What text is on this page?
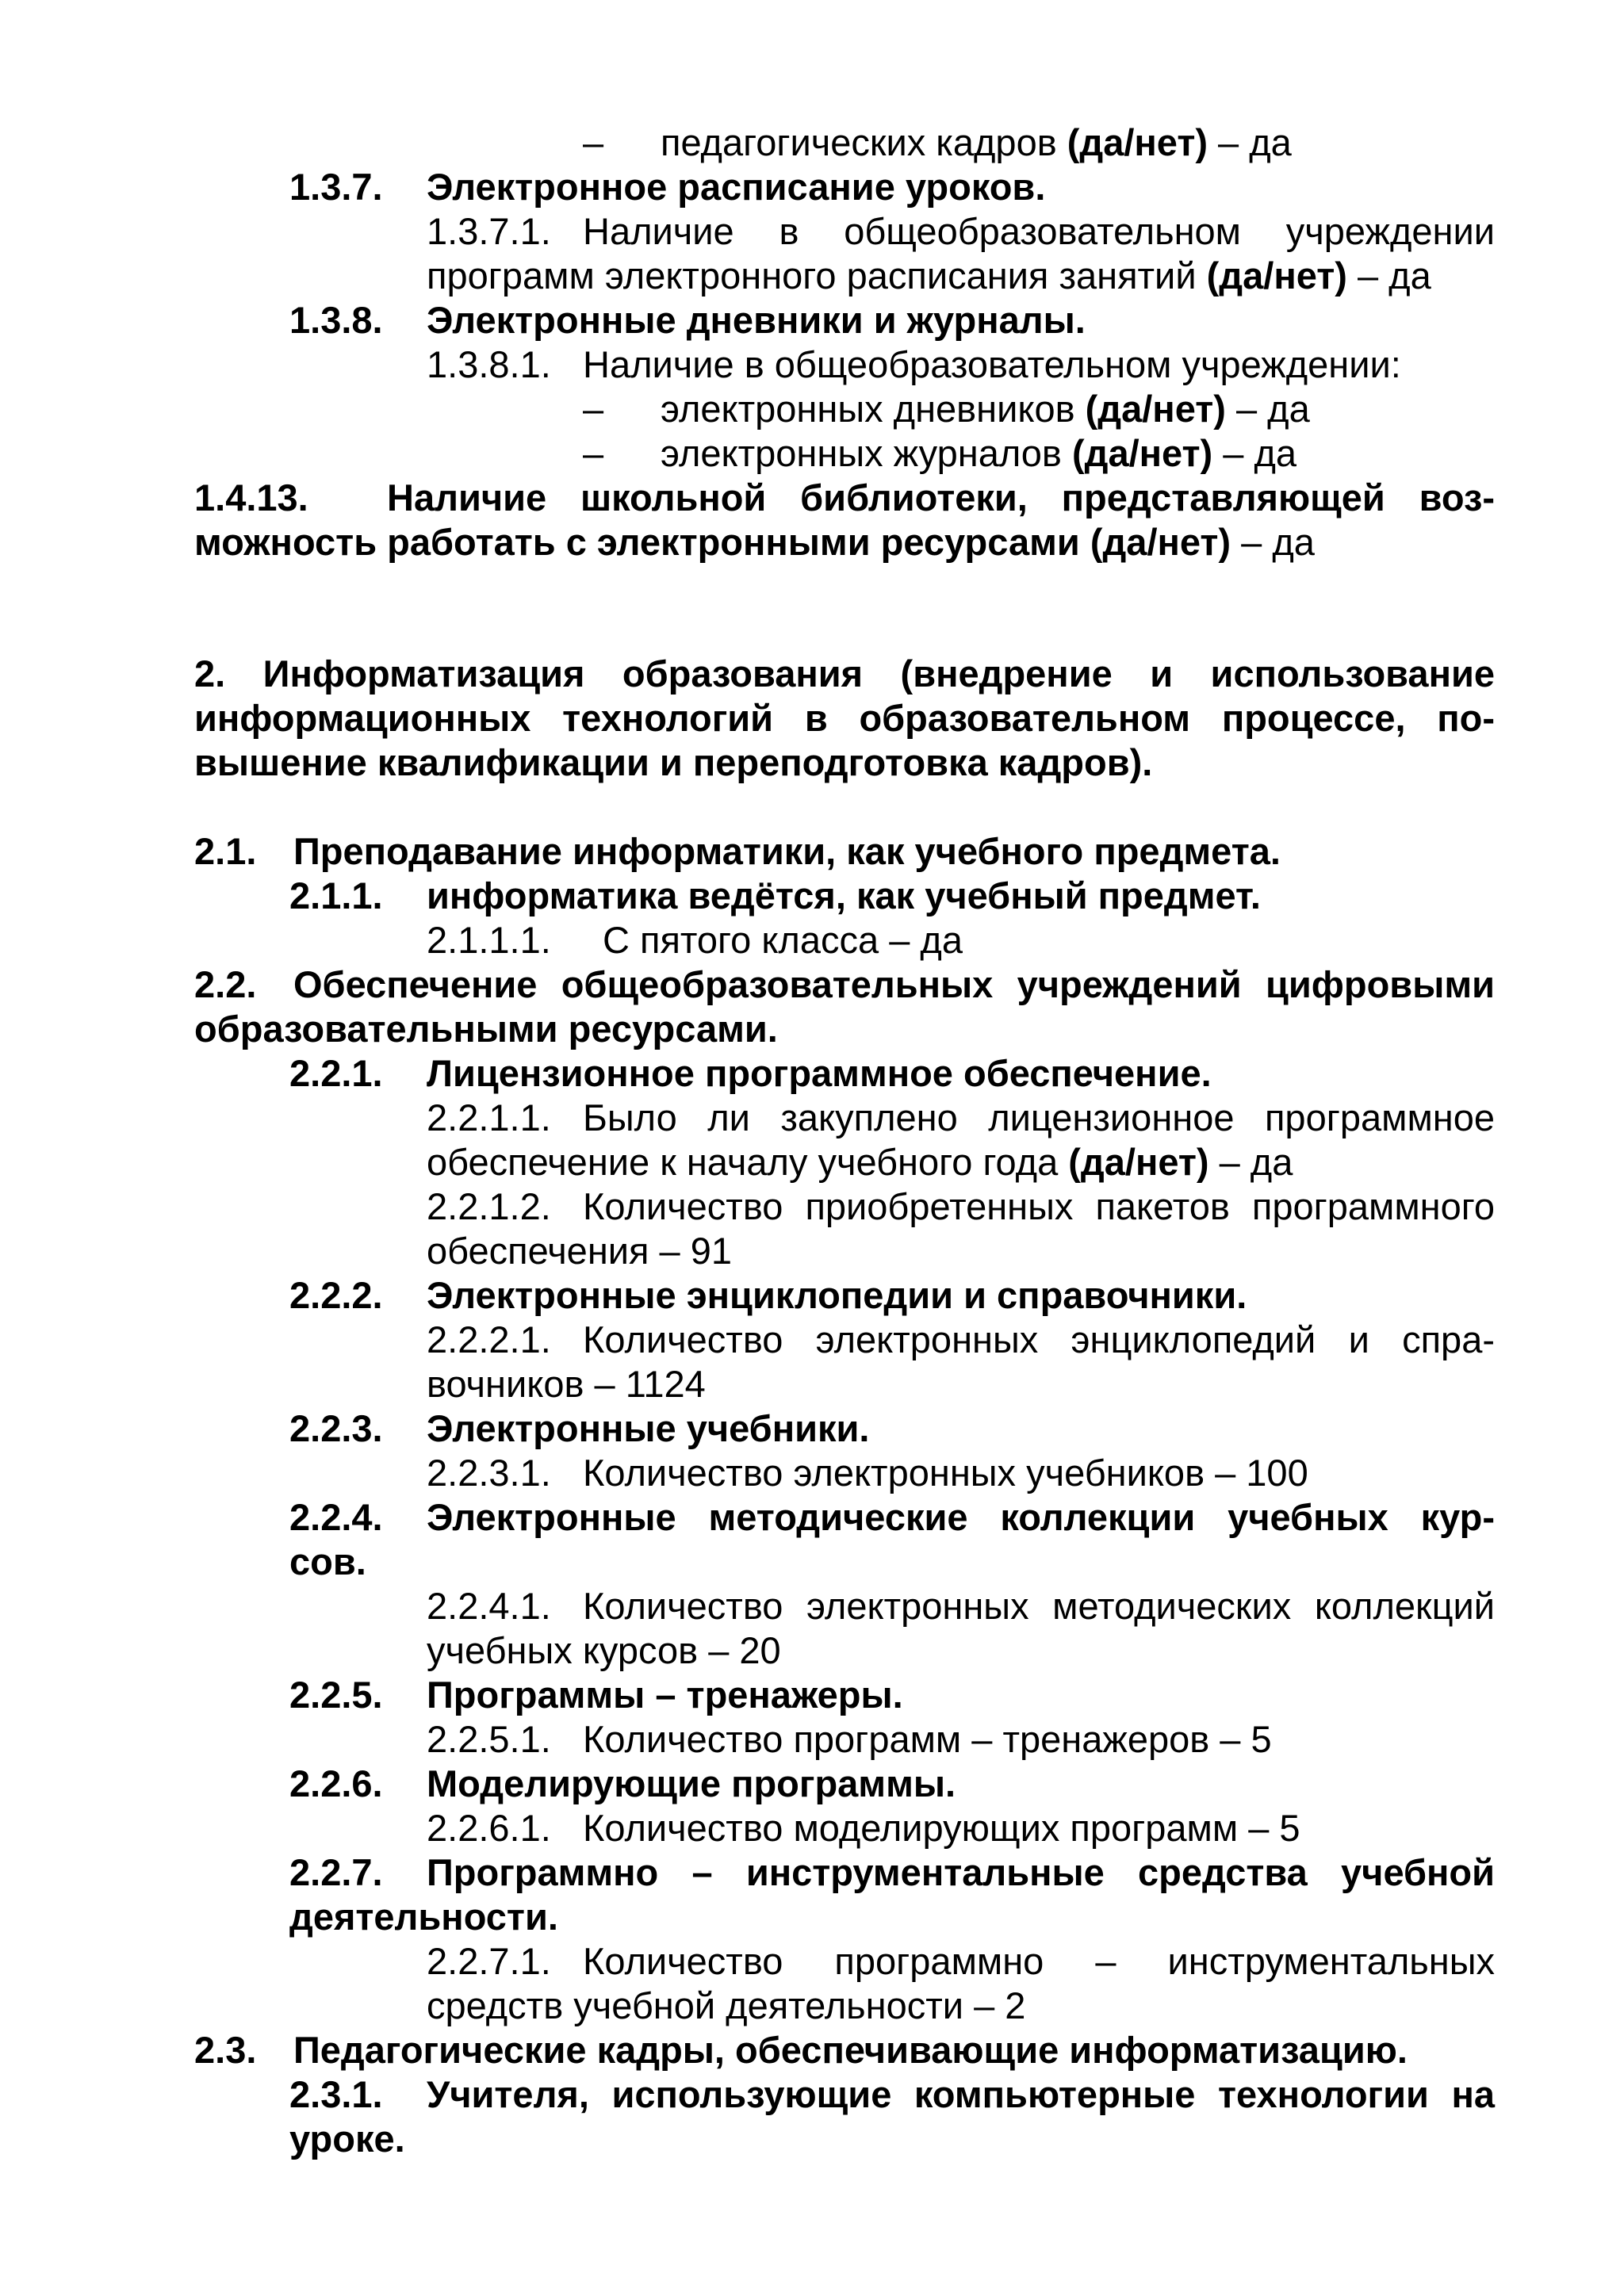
– педагогических кадров (да/нет) – да
1.3.7. Электронное расписание уроков.
1.3.7.1. Наличие в общеобразовательном учреждении
программ электронного расписания занятий (да/нет) – да
1.3.8. Электронные дневники и журналы.
1.3.8.1. Наличие в общеобразовательном учреждении:
– электронных дневников (да/нет) – да
– электронных журналов (да/нет) – да
1.4.13. Наличие школьной библиотеки, представляющей воз-
можность работать с электронными ресурсами (да/нет) – да
2. Информатизация образования (внедрение и использование
информационных технологий в образовательном процессе, по-
вышение квалификации и переподготовка кадров).
2.1. Преподавание информатики, как учебного предмета.
2.1.1. информатика ведётся, как учебный предмет.
2.1.1.1. С пятого класса – да
2.2. Обеспечение общеобразовательных учреждений цифровыми
образовательными ресурсами.
2.2.1. Лицензионное программное обеспечение.
2.2.1.1. Было ли закуплено лицензионное программное
обеспечение к началу учебного года (да/нет) – да
2.2.1.2. Количество приобретенных пакетов программного
обеспечения – 91
2.2.2. Электронные энциклопедии и справочники.
2.2.2.1. Количество электронных энциклопедий и спра-
вочников – 1124
2.2.3. Электронные учебники.
2.2.3.1. Количество электронных учебников – 100
2.2.4. Электронные методические коллекции учебных кур-
сов.
2.2.4.1. Количество электронных методических коллекций
учебных курсов – 20
2.2.5. Программы – тренажеры.
2.2.5.1. Количество программ – тренажеров – 5
2.2.6. Моделирующие программы.
2.2.6.1. Количество моделирующих программ – 5
2.2.7. Программно – инструментальные средства учебной
деятельности.
2.2.7.1. Количество программно – инструментальных
средств учебной деятельности – 2
2.3. Педагогические кадры, обеспечивающие информатизацию.
2.3.1. Учителя, использующие компьютерные технологии на
уроке.
